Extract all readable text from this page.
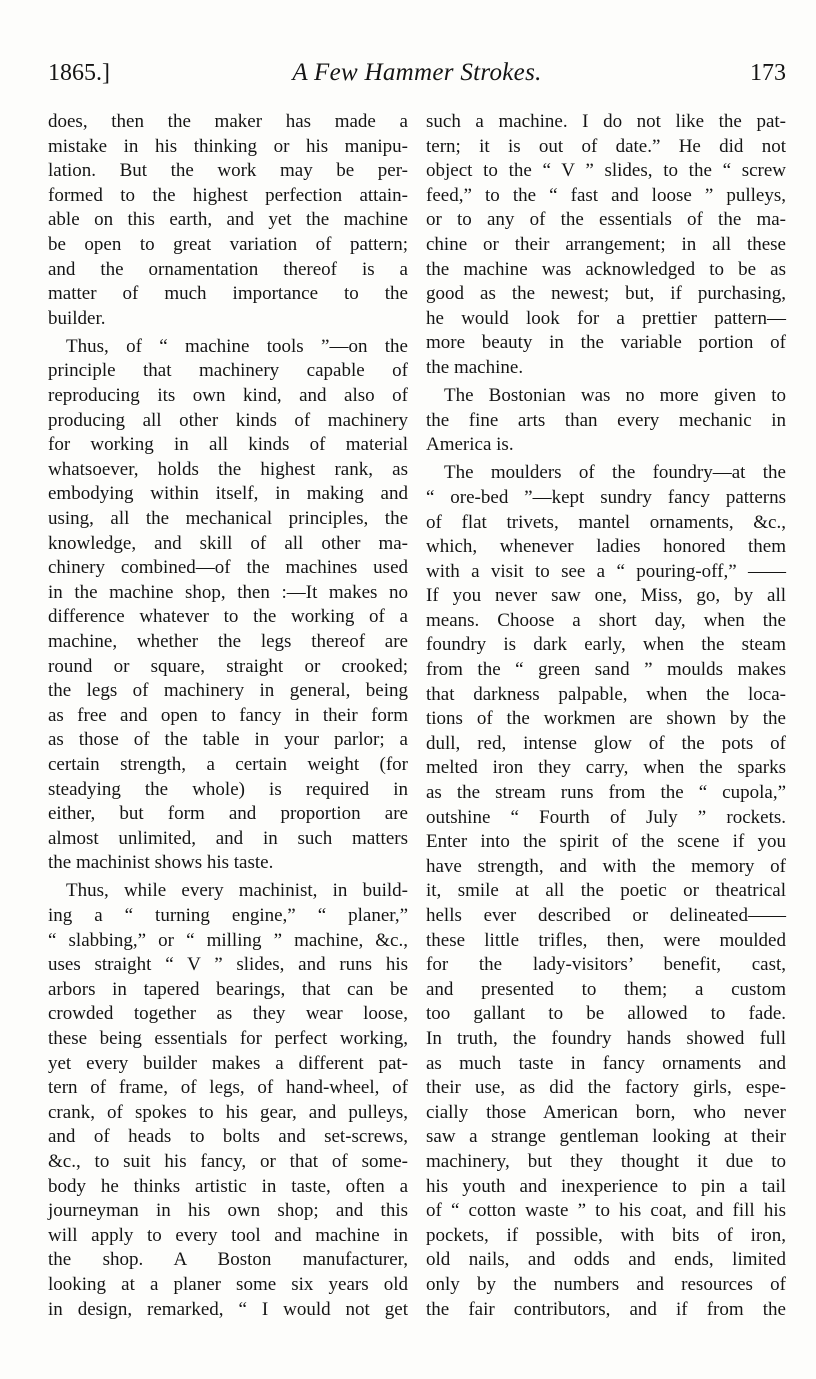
1865.]	A Few Hammer Strokes.	173
does, then the maker has made a
mistake in his thinking or his manipu-
lation. But the work may be per-
formed to the highest perfection attain-
able on this earth, and yet the machine
be open to great variation of pattern;
and the ornamentation thereof is a
matter of much importance to the
builder.
Thus, of “ machine tools ”—on the
principle that machinery capable of
reproducing its own kind, and also of
producing all other kinds of machinery
for working in all kinds of material
whatsoever, holds the highest rank, as
embodying within itself, in making and
using, all the mechanical principles, the
knowledge, and skill of all other ma-
chinery combined—of the machines used
in the machine shop, then :—It makes no
difference whatever to the working of a
machine, whether the legs thereof are
round or square, straight or crooked;
the legs of machinery in general, being
as free and open to fancy in their form
as those of the table in your parlor; a
certain strength, a certain weight (for
steadying the whole) is required in
either, but form and proportion are
almost unlimited, and in such matters
the machinist shows his taste.
Thus, while every machinist, in build-
ing a “ turning engine,” “ planer,”
“ slabbing,” or “ milling ” machine, &c.,
uses straight “ V ” slides, and runs his
arbors in tapered bearings, that can be
crowded together as they wear loose,
these being essentials for perfect working,
yet every builder makes a different pat-
tern of frame, of legs, of hand-wheel, of
crank, of spokes to his gear, and pulleys,
and of heads to bolts and set-screws,
&c., to suit his fancy, or that of some-
body he thinks artistic in taste, often a
journeyman in his own shop; and this
will apply to every tool and machine in
the shop. A Boston manufacturer,
looking at a planer some six years old
in design, remarked, “ I would not get
such a machine. I do not like the pat-
tern; it is out of date.” He did not
object to the “ V ” slides, to the “ screw
feed,” to the “ fast and loose ” pulleys,
or to any of the essentials of the ma-
chine or their arrangement; in all these
the machine was acknowledged to be as
good as the newest; but, if purchasing,
he would look for a prettier pattern—
more beauty in the variable portion of
the machine.
The Bostonian was no more given to
the fine arts than every mechanic in
America is.
The moulders of the foundry—at the
“ ore-bed ”—kept sundry fancy patterns
of flat trivets, mantel ornaments, &c.,
which, whenever ladies honored them
with a visit to see a “ pouring-off,” ——
If you never saw one, Miss, go, by all
means. Choose a short day, when the
foundry is dark early, when the steam
from the “ green sand ” moulds makes
that darkness palpable, when the loca-
tions of the workmen are shown by the
dull, red, intense glow of the pots of
melted iron they carry, when the sparks
as the stream runs from the “ cupola,”
outshine “ Fourth of July ” rockets.
Enter into the spirit of the scene if you
have strength, and with the memory of
it, smile at all the poetic or theatrical
hells ever described or delineated——
these little trifles, then, were moulded
for the lady-visitors’ benefit, cast,
and presented to them; a custom
too gallant to be allowed to fade.
In truth, the foundry hands showed full
as much taste in fancy ornaments and
their use, as did the factory girls, espe-
cially those American born, who never
saw a strange gentleman looking at their
machinery, but they thought it due to
his youth and inexperience to pin a tail
of “ cotton waste ” to his coat, and fill his
pockets, if possible, with bits of iron,
old nails, and odds and ends, limited
only by the numbers and resources of
the fair contributors, and if from the
